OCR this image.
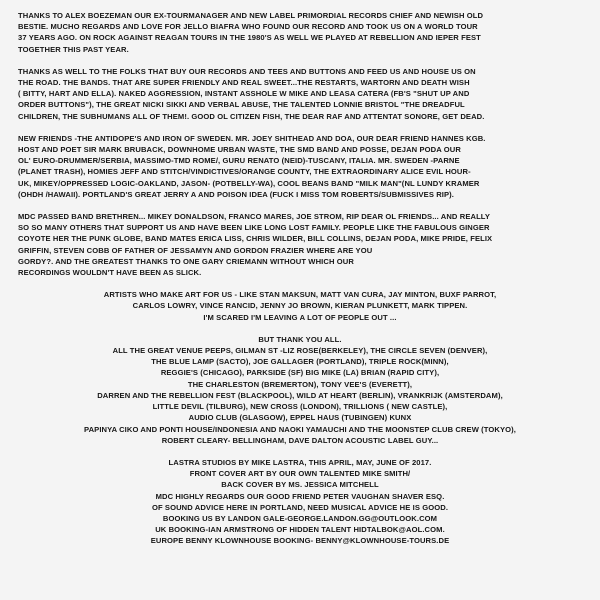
THANKS TO ALEX BOEZEMAN OUR EX-TOURMANAGER AND NEW LABEL PRIMORDIAL RECORDS CHIEF AND NEWISH OLD
BESTIE. MUCHO REGARDS AND LOVE FOR JELLO BIAFRA WHO FOUND OUR RECORD AND TOOK US ON A WORLD TOUR
37 YEARS AGO. ON ROCK AGAINST REAGAN TOURS IN THE 1980'S AS WELL WE PLAYED AT REBELLION AND IEPER FEST
TOGETHER THIS PAST YEAR.
THANKS AS WELL TO THE FOLKS THAT BUY OUR RECORDS AND TEES AND BUTTONS AND FEED US AND HOUSE US ON
THE ROAD. THE BANDS. THAT ARE SUPER FRIENDLY AND REAL SWEET...THE RESTARTS, WARTORN AND DEATH WISH
( BITTY, HART AND ELLA). NAKED AGGRESSION, INSTANT ASSHOLE W MIKE AND LEASA CATERA (FB'S "SHUT UP AND
ORDER BUTTONS"), THE GREAT NICKI SIKKI AND VERBAL ABUSE, THE TALENTED LONNIE BRISTOL "THE DREADFUL
CHILDREN, THE SUBHUMANS ALL OF THEM!. GOOD OL CITIZEN FISH, THE DEAR RAF AND ATTENTAT SONORE, GET DEAD.
NEW FRIENDS -THE ANTIDOPE'S AND IRON OF SWEDEN. MR. JOEY SHITHEAD AND DOA, OUR DEAR FRIEND HANNES KGB.
HOST AND POET SIR MARK BRUBACK, DOWNHOME URBAN WASTE, THE SMD BAND AND POSSE, DEJAN PODA OUR
OL' EURO-DRUMMER/SERBIA, MASSIMO-TMD ROME/, GURU RENATO (NEID)-TUSCANY, ITALIA. MR. SWEDEN -PARNE
(PLANET TRASH), HOMIES JEFF AND STITCH/VINDICTIVES/ORANGE COUNTY, THE EXTRAORDINARY ALICE EVIL HOUR-
UK, MIKEY/OPPRESSED LOGIC-OAKLAND, JASON- (POTBELLY-WA), COOL BEANS BAND "MILK MAN"(NL LUNDY KRAMER
(OHDH /HAWAII). PORTLAND'S GREAT JERRY A AND POISON IDEA (FUCK I MISS TOM ROBERTS/SUBMISSIVES RIP).
MDC PASSED BAND BRETHREN... MIKEY DONALDSON, FRANCO MARES, JOE STROM, RIP DEAR OL FRIENDS... AND REALLY
SO SO MANY OTHERS THAT SUPPORT US AND HAVE BEEN LIKE LONG LOST FAMILY. PEOPLE LIKE THE FABULOUS GINGER
COYOTE HER THE PUNK GLOBE, BAND MATES ERICA LISS, CHRIS WILDER, BILL COLLINS, DEJAN PODA, MIKE PRIDE, FELIX
GRIFFIN, STEVEN COBB OF FATHER OF JESSAMYN AND GORDON FRAZIER WHERE ARE YOU
GORDY?. AND THE GREATEST THANKS TO ONE GARY CRIEMANN WITHOUT WHICH OUR
RECORDINGS WOULDN'T HAVE BEEN AS SLICK.
ARTISTS WHO MAKE ART FOR US - LIKE STAN MAKSUN, MATT VAN CURA, JAY MINTON, BUXF PARROT,
CARLOS LOWRY, VINCE RANCID, JENNY JO BROWN, KIERAN PLUNKETT, MARK TIPPEN.
I'M SCARED I'M LEAVING A LOT OF PEOPLE OUT ...
BUT THANK YOU ALL.
ALL THE GREAT VENUE PEEPS, GILMAN ST -LIZ ROSE(BERKELEY), THE CIRCLE SEVEN (DENVER),
THE BLUE LAMP (SACTO), JOE GALLAGER (PORTLAND), TRIPLE ROCK(MINN),
REGGIE'S (CHICAGO), PARKSIDE (SF) BIG MIKE (LA) BRIAN (RAPID CITY),
THE CHARLESTON (BREMERTON), TONY VEE'S (EVERETT),
DARREN AND THE REBELLION FEST (BLACKPOOL), WILD AT HEART (BERLIN), VRANKRIJK (AMSTERDAM),
LITTLE DEVIL (TILBURG), NEW CROSS (LONDON), TRILLIONS ( NEW CASTLE),
AUDIO CLUB (GLASGOW), EPPEL HAUS (TUBINGEN) KUNX
PAPINYA CIKO AND PONTI HOUSE/INDONESIA AND NAOKI YAMAUCHI AND THE MOONSTEP CLUB CREW (TOKYO),
ROBERT CLEARY- BELLINGHAM, DAVE DALTON ACOUSTIC LABEL GUY...
LASTRA STUDIOS BY MIKE LASTRA, THIS APRIL, MAY, JUNE OF 2017.
FRONT COVER ART BY OUR OWN TALENTED MIKE SMITH/
BACK COVER BY MS. JESSICA MITCHELL
MDC HIGHLY REGARDS OUR GOOD FRIEND PETER VAUGHAN SHAVER ESQ.
OF SOUND ADVICE HERE IN PORTLAND, NEED MUSICAL ADVICE HE IS GOOD.
BOOKING US BY LANDON GALE-GEORGE.LANDON.GG@OUTLOOK.COM
UK BOOKING-IAN ARMSTRONG OF HIDDEN TALENT HIDTALBOK@AOL.COM.
EUROPE BENNY KLOWNHOUSE BOOKING- BENNY@KLOWNHOUSE-TOURS.DE
